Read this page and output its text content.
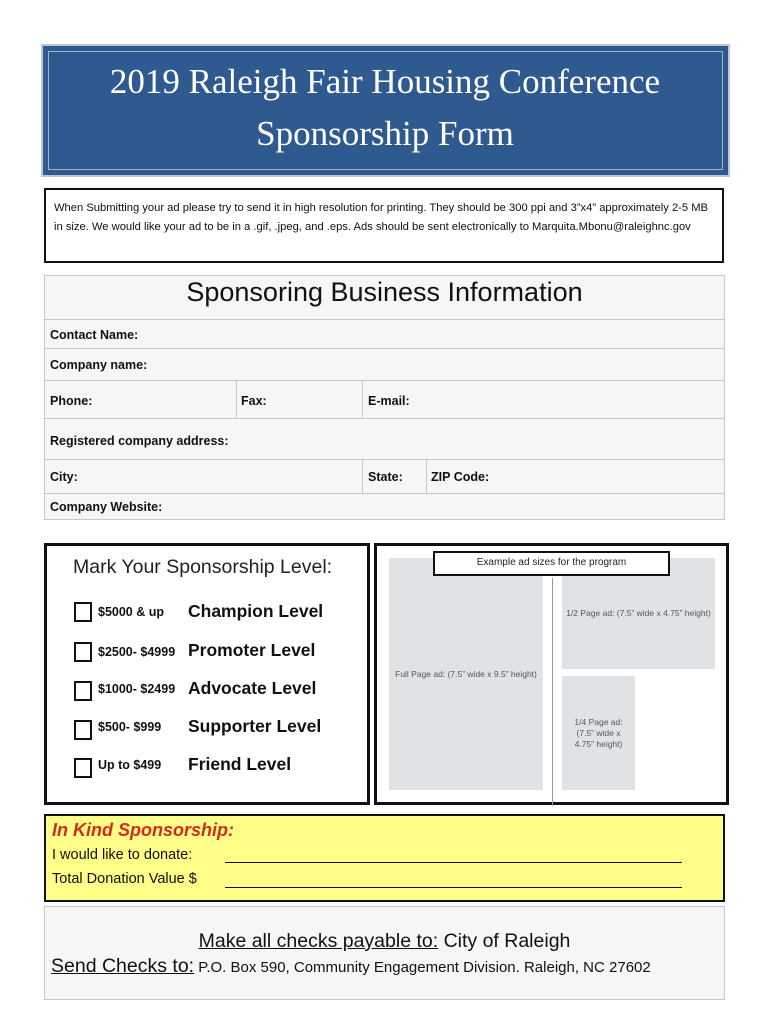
2019 Raleigh Fair Housing Conference
Sponsorship Form
When Submitting your ad please try to send it in high resolution for printing. They should be 300 ppi and 3”x4” approximately 2-5 MB in size. We would like your ad to be in a .gif, .jpeg, and .eps. Ads should be sent electronically to Marquita.Mbonu@raleighnc.gov
Sponsoring Business Information
Contact Name:
Company name:
Phone:	Fax:	E-mail:
Registered company address:
City:	State: ZIP Code:
Company Website:
Mark Your Sponsorship Level:
$5000 & up Champion Level
$2500- $4999 Promoter Level
$1000- $2499 Advocate Level
$500- $999 Supporter Level
Up to $499 Friend Level
Full Page ad: (7.5” wide x 9.5” height)
1/2 Page ad: (7.5” wide x 4.75” height)
1/4 Page ad: (7.5” wide x 4.75” height)
Example ad sizes for the program
In Kind Sponsorship:
I would like to donate:
Total Donation Value $
Make all checks payable to: City of Raleigh
Send Checks to: P.O. Box 590, Community Engagement Division. Raleigh, NC 27602
